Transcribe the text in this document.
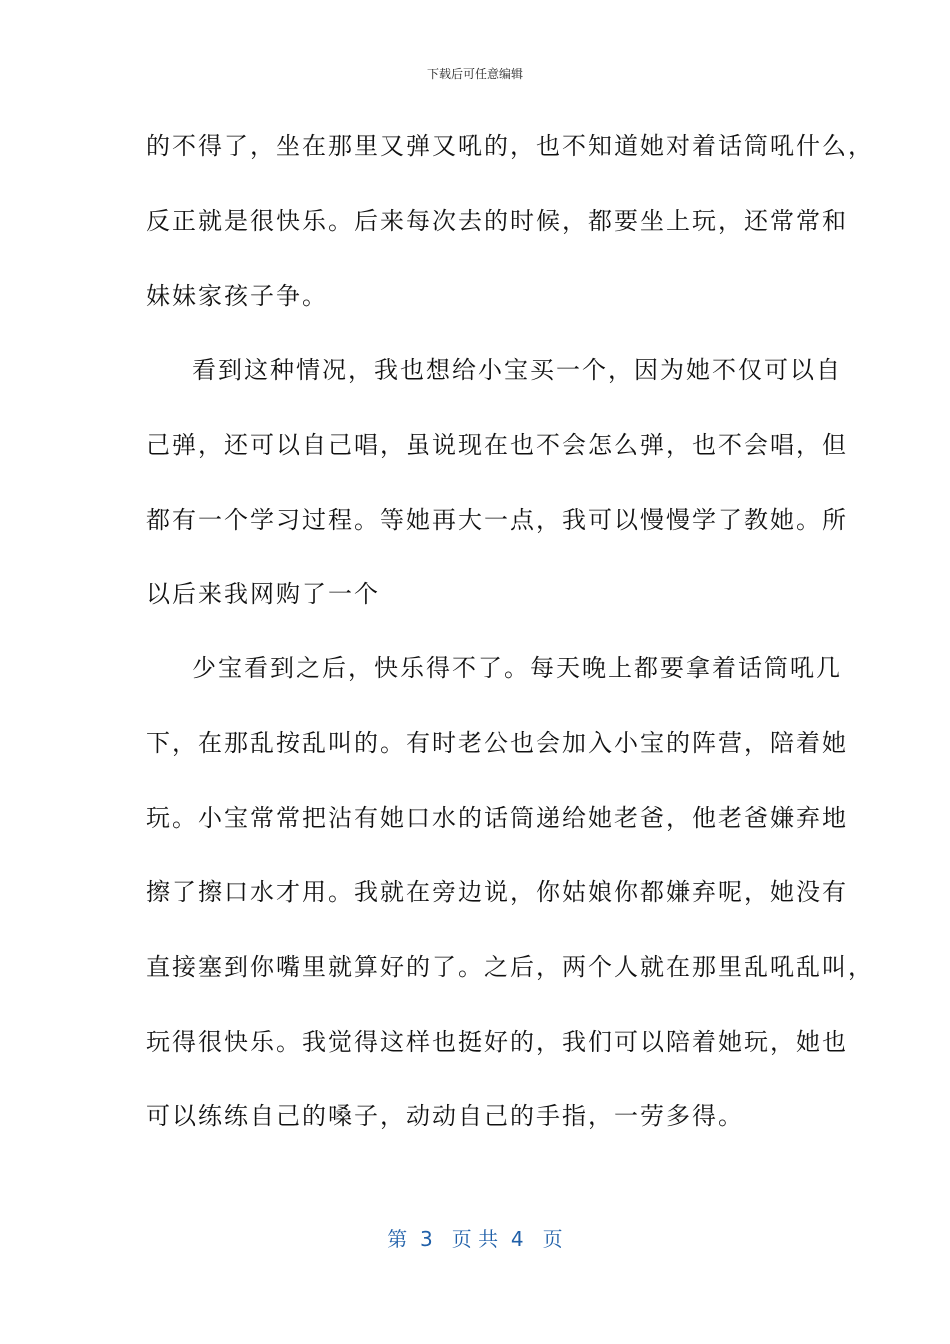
下载后可任意编辑
的不得了，坐在那里又弹又吼的，也不知道她对着话筒吼什么，
反正就是很快乐。后来每次去的时候，都要坐上玩，还常常和
妹妹家孩子争。
看到这种情况，我也想给小宝买一个，因为她不仅可以自
己弹，还可以自己唱，虽说现在也不会怎么弹，也不会唱，但
都有一个学习过程。等她再大一点，我可以慢慢学了教她。所
以后来我网购了一个
少宝看到之后，快乐得不了。每天晚上都要拿着话筒吼几
下，在那乱按乱叫的。有时老公也会加入小宝的阵营，陪着她
玩。小宝常常把沾有她口水的话筒递给她老爸，他老爸嫌弃地
擦了擦口水才用。我就在旁边说，你姑娘你都嫌弃呢，她没有
直接塞到你嘴里就算好的了。之后，两个人就在那里乱吼乱叫，
玩得很快乐。我觉得这样也挺好的，我们可以陪着她玩，她也
可以练练自己的嗓子，动动自己的手指，一劳多得。
第  3   页 共  4   页
